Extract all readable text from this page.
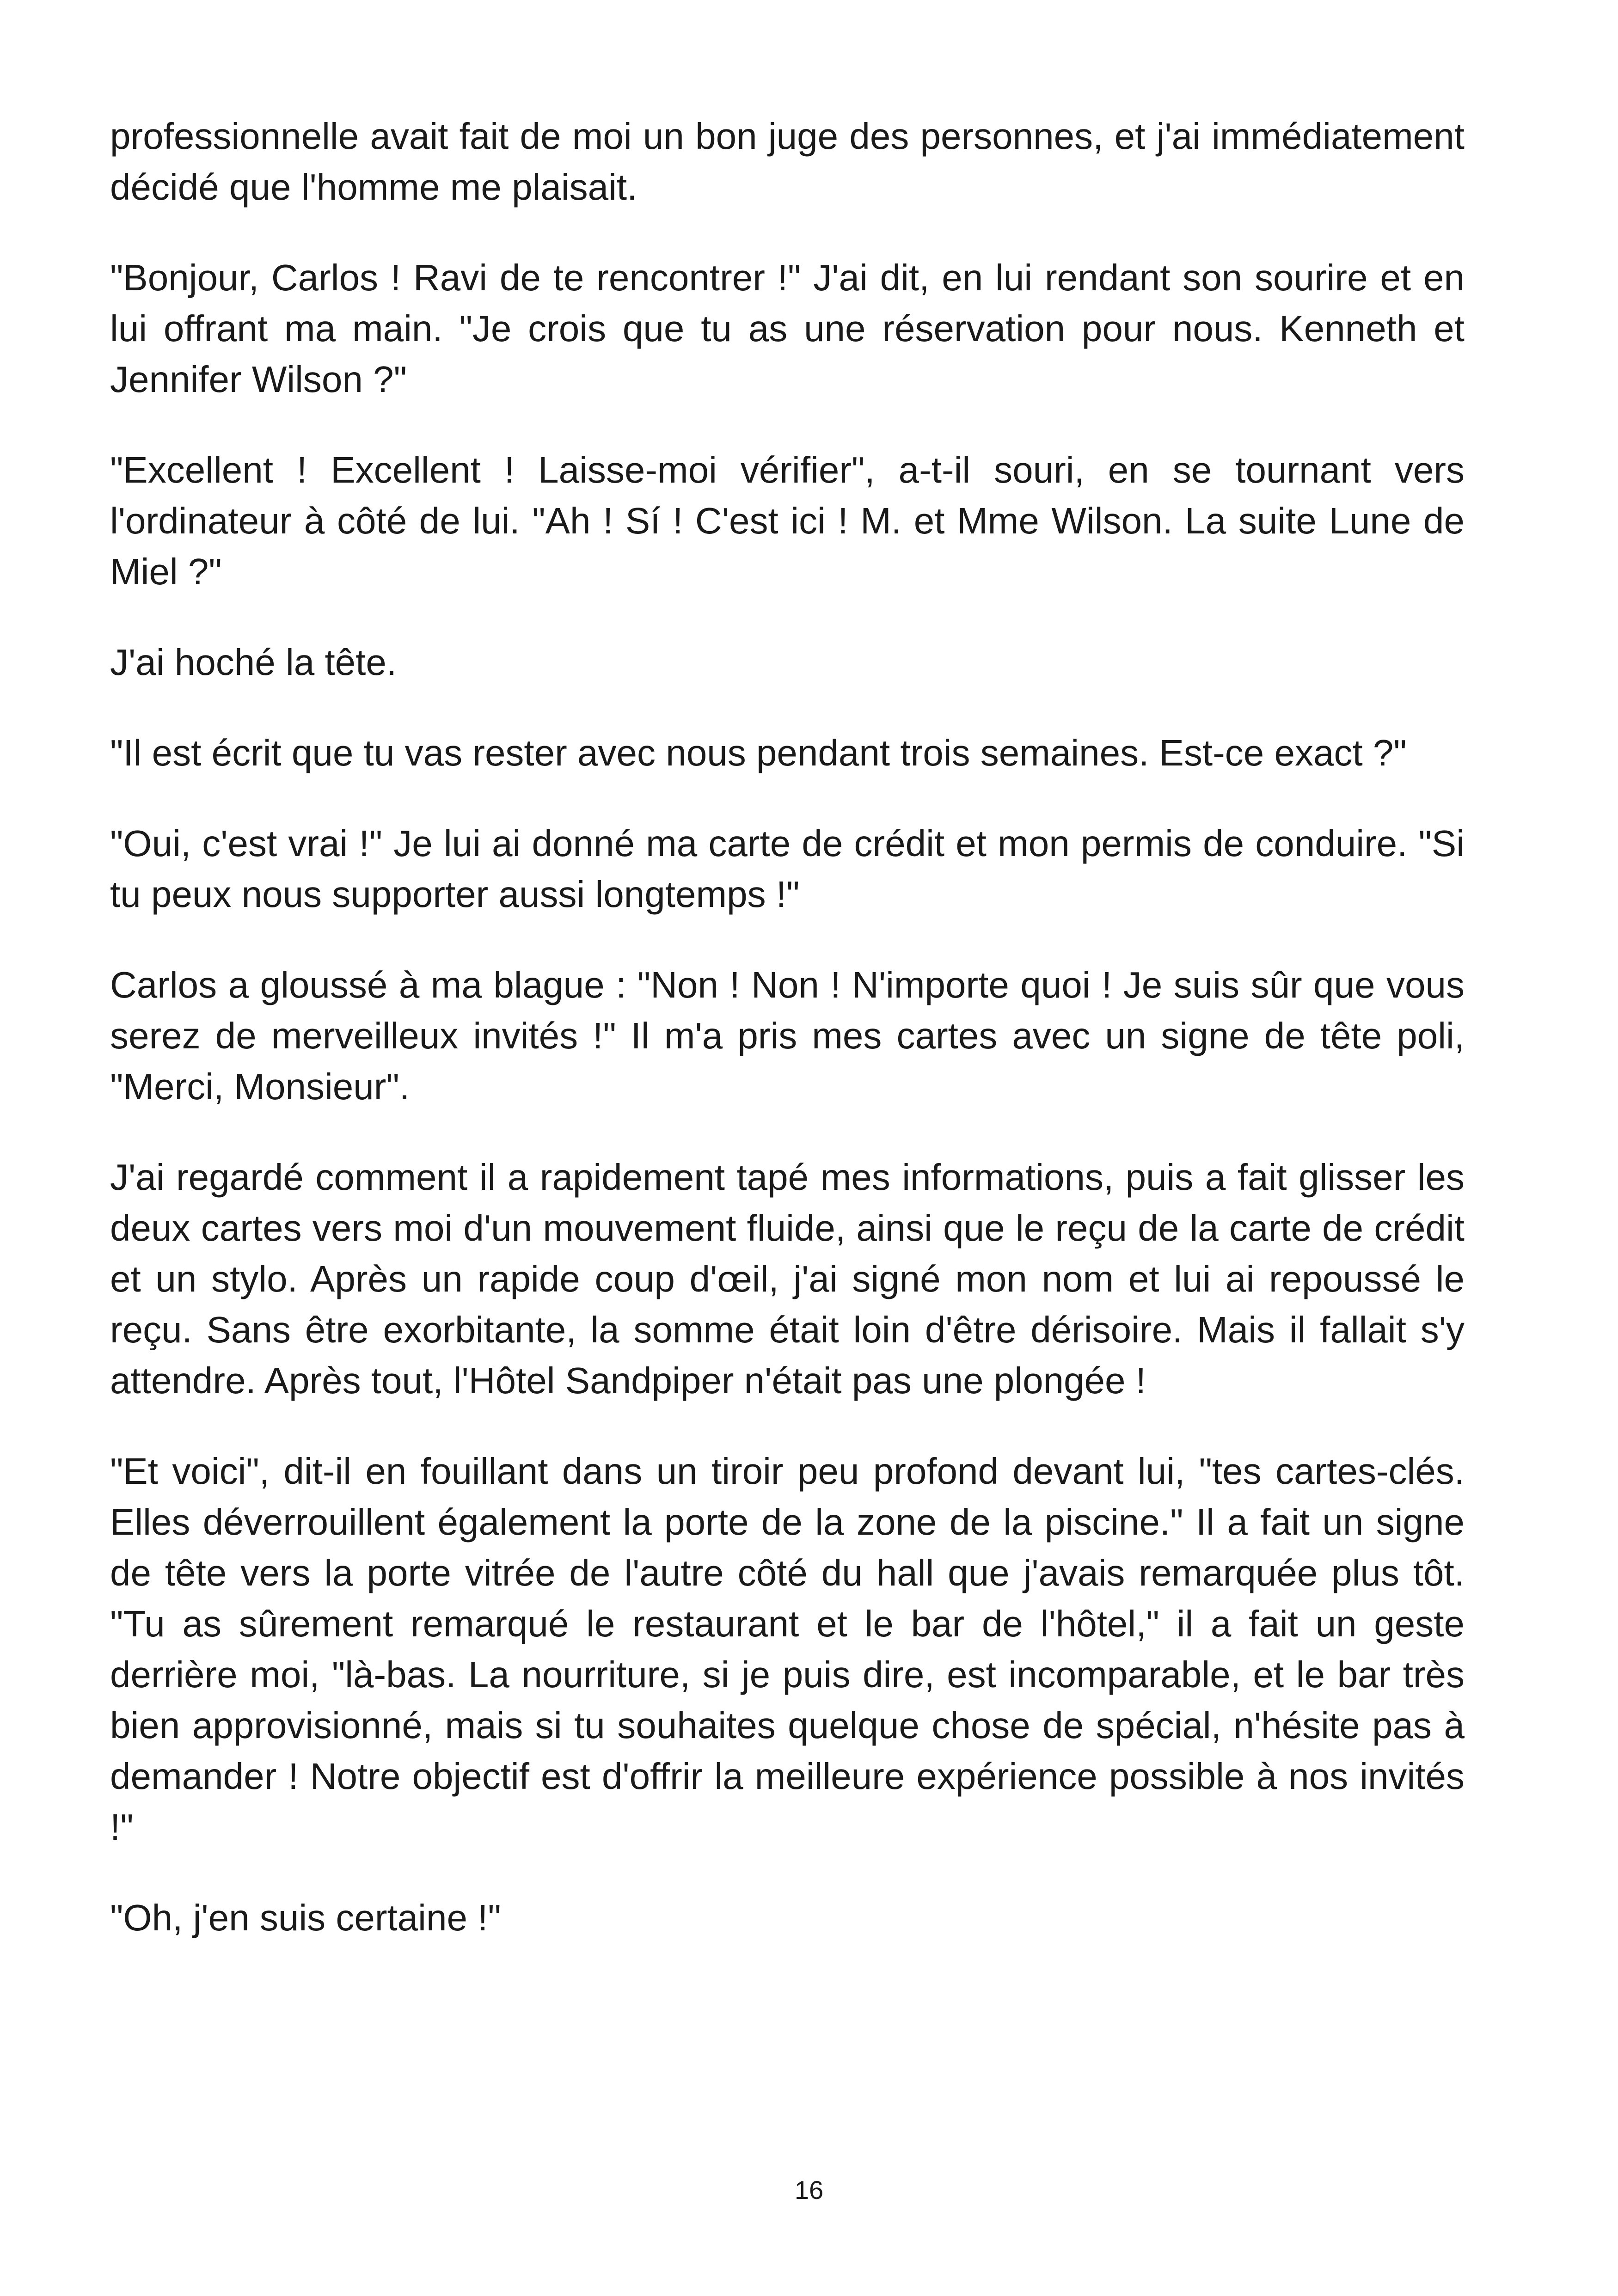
professionnelle avait fait de moi un bon juge des personnes, et j'ai immédiatement décidé que l'homme me plaisait.

"Bonjour, Carlos ! Ravi de te rencontrer !" J'ai dit, en lui rendant son sourire et en lui offrant ma main. "Je crois que tu as une réservation pour nous. Kenneth et Jennifer Wilson ?"

"Excellent ! Excellent ! Laisse-moi vérifier", a-t-il souri, en se tournant vers l'ordinateur à côté de lui. "Ah ! Sí ! C'est ici ! M. et Mme Wilson. La suite Lune de Miel ?"

J'ai hoché la tête.

"Il est écrit que tu vas rester avec nous pendant trois semaines. Est-ce exact ?"

"Oui, c'est vrai !" Je lui ai donné ma carte de crédit et mon permis de conduire. "Si tu peux nous supporter aussi longtemps !"

Carlos a gloussé à ma blague : "Non ! Non ! N'importe quoi ! Je suis sûr que vous serez de merveilleux invités !" Il m'a pris mes cartes avec un signe de tête poli, "Merci, Monsieur".

J'ai regardé comment il a rapidement tapé mes informations, puis a fait glisser les deux cartes vers moi d'un mouvement fluide, ainsi que le reçu de la carte de crédit et un stylo. Après un rapide coup d'œil, j'ai signé mon nom et lui ai repoussé le reçu. Sans être exorbitante, la somme était loin d'être dérisoire. Mais il fallait s'y attendre. Après tout, l'Hôtel Sandpiper n'était pas une plongée !

"Et voici", dit-il en fouillant dans un tiroir peu profond devant lui, "tes cartes-clés. Elles déverrouillent également la porte de la zone de la piscine." Il a fait un signe de tête vers la porte vitrée de l'autre côté du hall que j'avais remarquée plus tôt. "Tu as sûrement remarqué le restaurant et le bar de l'hôtel," il a fait un geste derrière moi, "là-bas. La nourriture, si je puis dire, est incomparable, et le bar très bien approvisionné, mais si tu souhaites quelque chose de spécial, n'hésite pas à demander ! Notre objectif est d'offrir la meilleure expérience possible à nos invités !"

"Oh, j'en suis certaine !"

16
